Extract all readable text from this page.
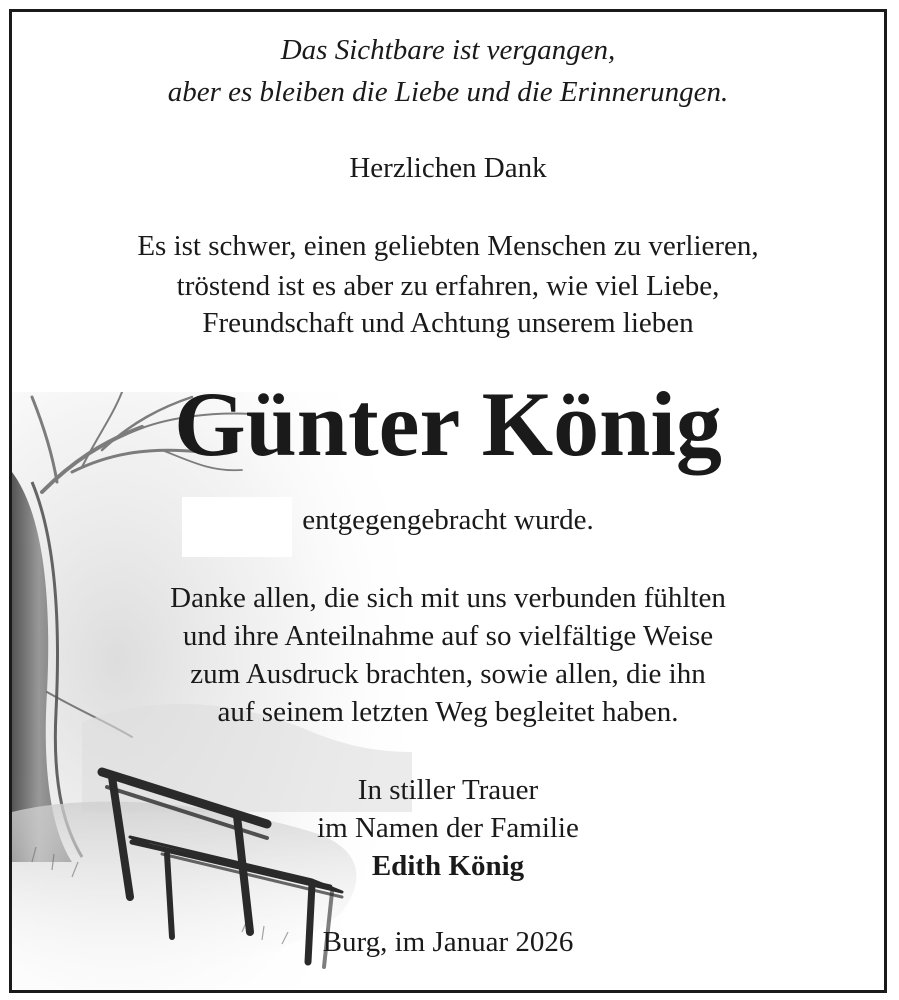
Das Sichtbare ist vergangen,
aber es bleiben die Liebe und die Erinnerungen.
Herzlichen Dank
Es ist schwer, einen geliebten Menschen zu verlieren,
tröstend ist es aber zu erfahren, wie viel Liebe,
Freundschaft und Achtung unserem lieben
Günter König
entgegengebracht wurde.
Danke allen, die sich mit uns verbunden fühlten
und ihre Anteilnahme auf so vielfältige Weise
zum Ausdruck brachten, sowie allen, die ihn
auf seinem letzten Weg begleitet haben.
In stiller Trauer
im Namen der Familie
Edith König
Burg, im Januar 2026
